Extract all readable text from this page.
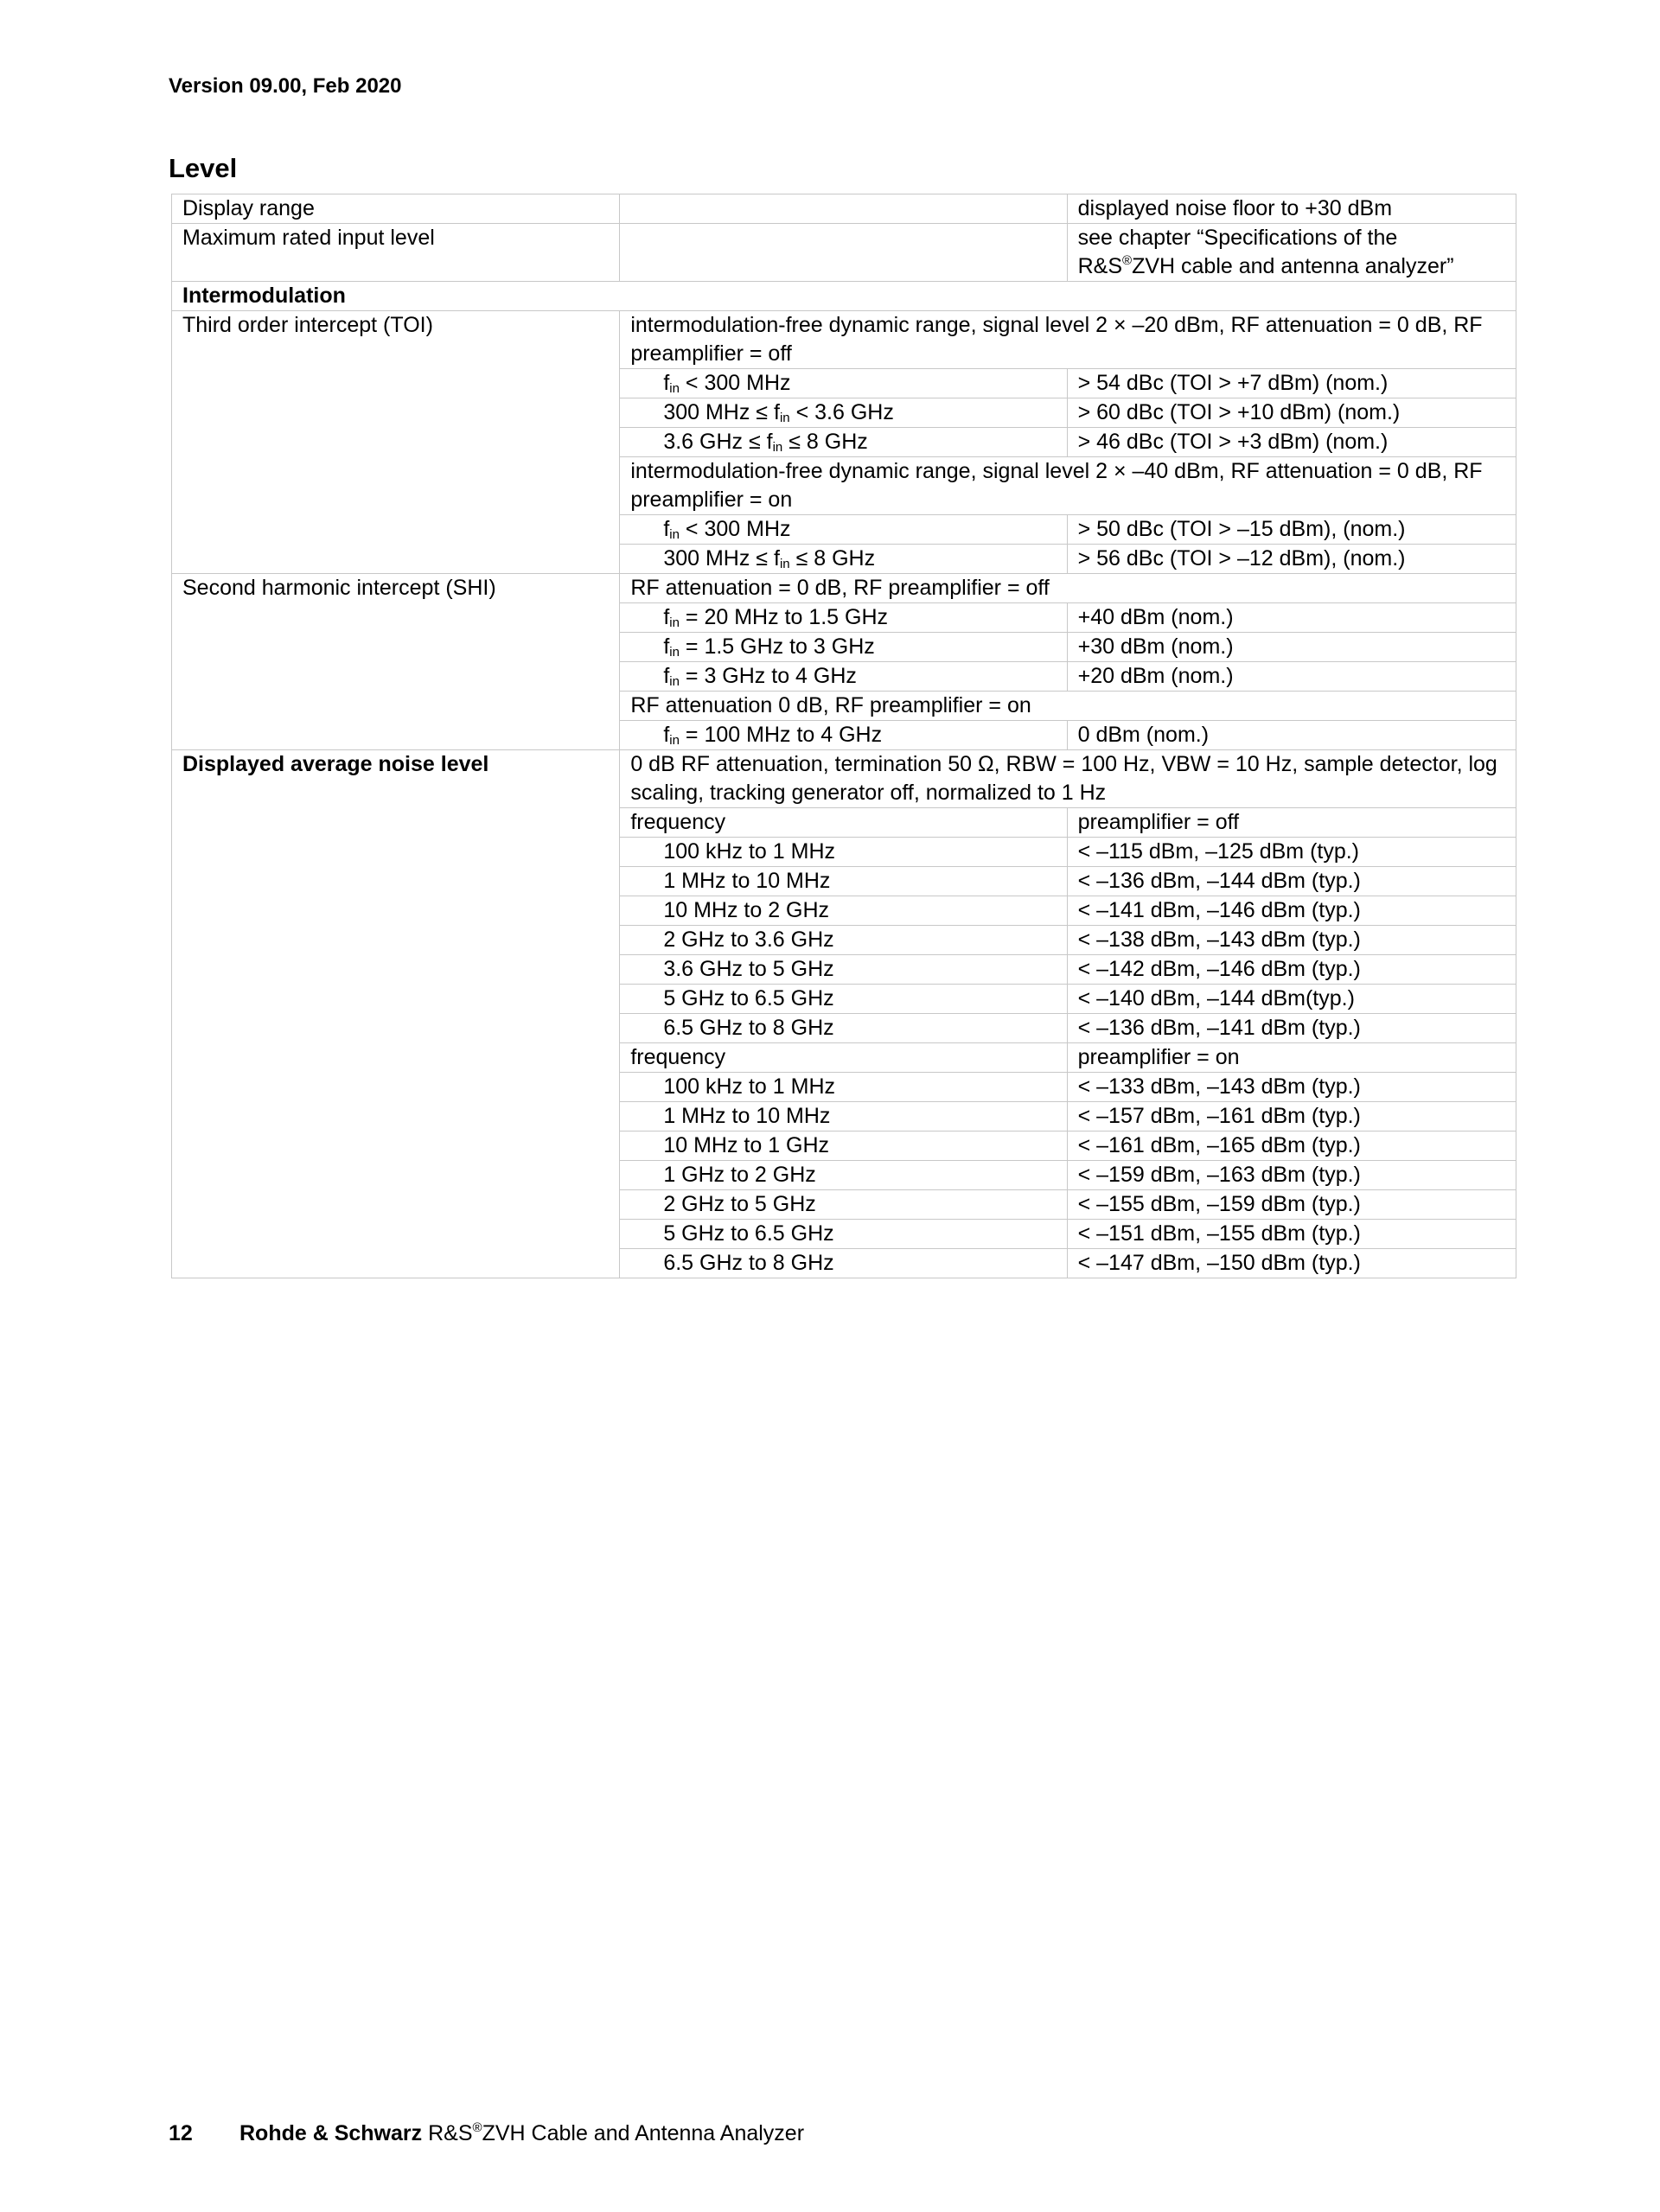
Version 09.00, Feb 2020
Level
Display range		displayed noise floor to +30 dBm
Maximum rated input level		see chapter “Specifications of the
R&S®ZVH cable and antenna analyzer”
Intermodulation		
Third order intercept (TOI)	intermodulation-free dynamic range, signal level 2 × –20 dBm, RF attenuation = 0 dB, RF preamplifier = off	
	$f_{in} < 300$ MHz	> 54 dBc (TOI > +7 dBm) (nom.)
	300 MHz ≤ $f_{in} < 3.6$ GHz	> 60 dBc (TOI > +10 dBm) (nom.)
	3.6 GHz ≤ $f_{in} \le 8$ GHz	> 46 dBc (TOI > +3 dBm) (nom.)
	intermodulation-free dynamic range, signal level 2 × –40 dBm, RF attenuation = 0 dB, RF preamplifier = on	
	$f_{in} < 300$ MHz	> 50 dBc (TOI > –15 dBm), (nom.)
	300 MHz ≤ $f_{in} \le 8$ GHz	> 56 dBc (TOI > –12 dBm), (nom.)
Second harmonic intercept (SHI)	RF attenuation = 0 dB, RF preamplifier = off	
	$f_{in} = 20$ MHz to 1.5 GHz	+40 dBm (nom.)
	$f_{in} = 1.5$ GHz to 3 GHz	+30 dBm (nom.)
	$f_{in} = 3$ GHz to 4 GHz	+20 dBm (nom.)
	RF attenuation 0 dB, RF preamplifier = on	
	$f_{in} = 100$ MHz to 4 GHz	0 dBm (nom.)
Displayed average noise level	0 dB RF attenuation, termination 50 Ω, RBW = 100 Hz, VBW = 10 Hz, sample detector, log scaling, tracking generator off, normalized to 1 Hz	
	frequency	preamplifier = off
	100 kHz to 1 MHz	< –115 dBm, –125 dBm (typ.)
	1 MHz to 10 MHz	< –136 dBm, –144 dBm (typ.)
	10 MHz to 2 GHz	< –141 dBm, –146 dBm (typ.)
	2 GHz to 3.6 GHz	< –138 dBm, –143 dBm (typ.)
	3.6 GHz to 5 GHz	< –142 dBm, –146 dBm (typ.)
	5 GHz to 6.5 GHz	< –140 dBm, –144 dBm(typ.)
	6.5 GHz to 8 GHz	< –136 dBm, –141 dBm (typ.)
	frequency	preamplifier = on
	100 kHz to 1 MHz	< –133 dBm, –143 dBm (typ.)
	1 MHz to 10 MHz	< –157 dBm, –161 dBm (typ.)
	10 MHz to 1 GHz	< –161 dBm, –165 dBm (typ.)
	1 GHz to 2 GHz	< –159 dBm, –163 dBm (typ.)
	2 GHz to 5 GHz	< –155 dBm, –159 dBm (typ.)
	5 GHz to 6.5 GHz	< –151 dBm, –155 dBm (typ.)
	6.5 GHz to 8 GHz	< –147 dBm, –150 dBm (typ.)
12 Rohde & Schwarz R&S®ZVH Cable and Antenna Analyzer
